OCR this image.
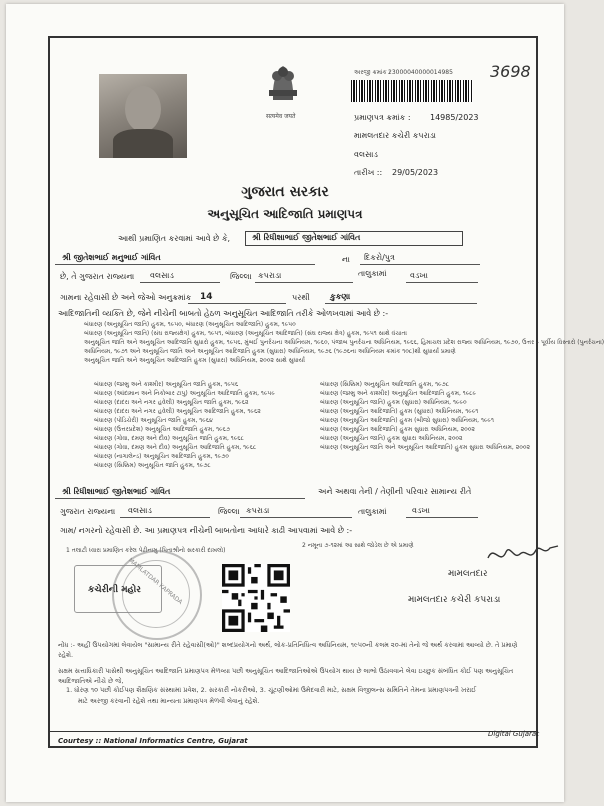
3698
सत्यमेव जयते
અરજી ક્રમાંક :
23000040000014985
પ્રમાણપત્ર ક્રમાંક : 14985/2023
મામલતદાર કચેરી કપરાડા
વલસાડ
તારીખ :: 29/05/2023
ગુજરાત સરકાર
અનુસૂચિત આદિજાતિ પ્રમાણપત્ર
આથી પ્રમાણિત કરવામાં આવે છે કે,	શ્રી રિધીશાભાઈ જીતેશભાઈ ગાંવિત
શ્રી જીતેશભાઈ મનુભાઈ ગાંવિત	ના દિકરો/પુત્ર
છે, તે ગુજરાત રાજ્યના વલસાડ	જિલ્લા કપરાડા	તાલુકામાં	વડખા
ગામના રહેવાસી છે અને જેઓ અનુક્રમાંક 14	પરથી	કુકણા
આદિજાતિની વ્યક્તિ છે, જેને નીચેની બાબતો હેઠળ અનુસૂચિત આદિજાતિ તરીકે ઓળખવામાં આવે છે :-
બંધારણ (અનુસૂચિત જાતિ) હુકમ, ૧૯૫૦, બંધારણ (અનુસૂચિત આદિજાતિ) હુકમ, ૧૯૫૦
બંધારણ (અનુસૂચિત જાતિ) (સંઘ રાજ્યક્ષેત્ર) હુકમ, ૧૯૫૧, બંધારણ (અનુસૂચિત આદિજાતિ) (સંઘ રાજ્ય ક્ષેત્ર) હુકમ, ૧૯૫૧ સાથે વંચાતા
અનુસૂચિત જાતિ અને અનુસૂચિત આદિજાતિ સુધારો હુકમ, ૧૯૫૬, મુંબઈ પુનર્રચના અધિનિયમ, ૧૯૬૦, પંજાબ પુનર્રચના અધિનિયમ, ૧૯૬૬, હિમાચલ પ્રદેશ રાજ્ય અધિનિયમ, ૧૯૭૦, ઉત્તર – પૂર્વીય વિસ્તારો (પુનર્રચના)
અધિનિયમ, ૧૯૭૧ અને અનુસૂચિત જાતિ અને અનુસૂચિત આદિજાતિ હુકમ (સુધારા) અધિનિયમ, ૧૯૭૬ (૧૯૭૬ના અધિનિયમ ક્રમાંક ૧૦૮)થી સુધાર્યા પ્રમાણે
અનુસૂચિત જાતિ અને અનુસૂચિત આદિજાતિ હુકમ (સુધારા) અધિનિયમ, ૨૦૦૨ સાથે સુધાર્યા
બંધારણ (જમ્મુ અને કાશ્મીર) અનુસૂચિત જાતિ હુકમ, ૧૯૫૬
બંધારણ (આંદામાન અને નિકોબાર ટાપુ) અનુસૂચિત આદિજાતિ હુકમ, ૧૯૫૯
બંધારણ (દાદરા અને નગર હવેલી) અનુસૂચિત જાતિ હુકમ, ૧૯૬૨
બંધારણ (દાદરા અને નગર હવેલી) અનુસૂચિત આદિજાતિ હુકમ, ૧૯૬૨
બંધારણ (પોંડિચેરી) અનુસૂચિત જાતિ હુકમ, ૧૯૬૪
બંધારણ (ઉત્તરપ્રદેશ) અનુસૂચિત આદિજાતિ હુકમ, ૧૯૬૭
બંધારણ (ગોવા, દમણ અને દીવ) અનુસૂચિત જાતિ હુકમ, ૧૯૬૮
બંધારણ (ગોવા, દમણ અને દીવ) અનુસૂચિત આદિજાતિ હુકમ, ૧૯૬૮
બંધારણ (નાગાલેન્ડ) અનુસૂચિત આદિજાતિ હુકમ, ૧૯૭૦
બંધારણ (સિક્કિમ) અનુસૂચિત જાતિ હુકમ, ૧૯૭૮
બંધારણ (સિક્કિમ) અનુસૂચિત આદિજાતિ હુકમ, ૧૯૭૮
બંધારણ (જમ્મુ અને કાશ્મીર) અનુસૂચિત આદિજાતિ હુકમ, ૧૯૮૯
બંધારણ (અનુસૂચિત જાતિ) હુકમ (સુધારા) અધિનિયમ, ૧૯૯૦
બંધારણ (અનુસૂચિત આદિજાતિ) હુકમ (સુધારા) અધિનિયમ, ૧૯૯૧
બંધારણ (અનુસૂચિત આદિજાતિ) હુકમ (બીજો સુધારા) અધિનિયમ, ૧૯૯૧
બંધારણ (અનુસૂચિત આદિજાતિ) હુકમ સુધારા અધિનિયમ, ૨૦૦૨
બંધારણ (અનુસૂચિત જાતિ) હુકમ સુધારા અધિનિયમ, ૨૦૦૨
બંધારણ (અનુસૂચિત જાતિ અને અનુસૂચિત આદિજાતિ) હુકમ સુધારા અધિનિયમ, ૨૦૦૨
શ્રી રિધીશાભાઈ જીતેશભાઈ ગાંવિત	અને અથવા તેની / તેણીની પરિવાર સામાન્ય રીતે
ગુજરાત રાજ્યના વલસાડ	જિલ્લા કપરાડા	તાલુકામાં	વડખા
ગામ/ નગરનો રહેવાસી છે. આ પ્રમાણપત્ર નીચેની બાબતોના આધારે કાઢી આપવામાં આવે છે :-
1 તલાટી ધ્વારા પ્રમાણિત કરેલ પેઢીનામુ (પિતાશ્રીનો સરકારી દાખલો)
2 નમૂના ૭-૧૨માં આ સાથે જોડેલ છે એ પ્રમાણે
મામલતદાર
મામલતદાર કચેરી કપરાડા
કચેરીની મહોર
MAMLATDAR KAPRADA
નોંધ :- અહીં ઉપયોગમાં લેવાયેલ "સામાન્ય રીતે રહેવાસી(ઓ)" શબ્દપ્રયોગનો અર્થ, લોક-પ્રતિનિધિત્વ અધિનિયમ, ૧૯૫૦ની કલમ ૨૦-માં તેનો જે અર્થ કરવામાં આવ્યો છે. તે પ્રમાણે રહેશે.
સક્ષમ સત્તાધિકારી પાસેથી અનુસૂચિત આદિજાતિ પ્રમાણપત્ર મેળવ્યા પછી અનુસૂચિત આદિજાતિઓએ ઉપયોગ થાય છે લાભો ઉઠાવવાને લેવા ઇચ્છુક સંબંધિત કોઈ પણ અનુસૂચિત આદિજાતિએ નીચે છે જે,
1. ધોરણ ૧૦ પછી કોઈપણ શૈક્ષણિક સંસ્થામાં પ્રવેશ, 2. સરકારી નોકરીઓ, 3. ચૂંટણીઓમાં ઉમેદવારી માટે, સક્ષમ વિજીલન્સ સમિતિને તેમના પ્રમાણપત્રની ખરાઈ
માટે અરજી કરવાની રહેશે તથા માન્યતા પ્રમાણપત્ર મેળવી લેવાનું રહેશે.
Courtesy :: National Informatics Centre, Gujarat
Digital Gujarat
